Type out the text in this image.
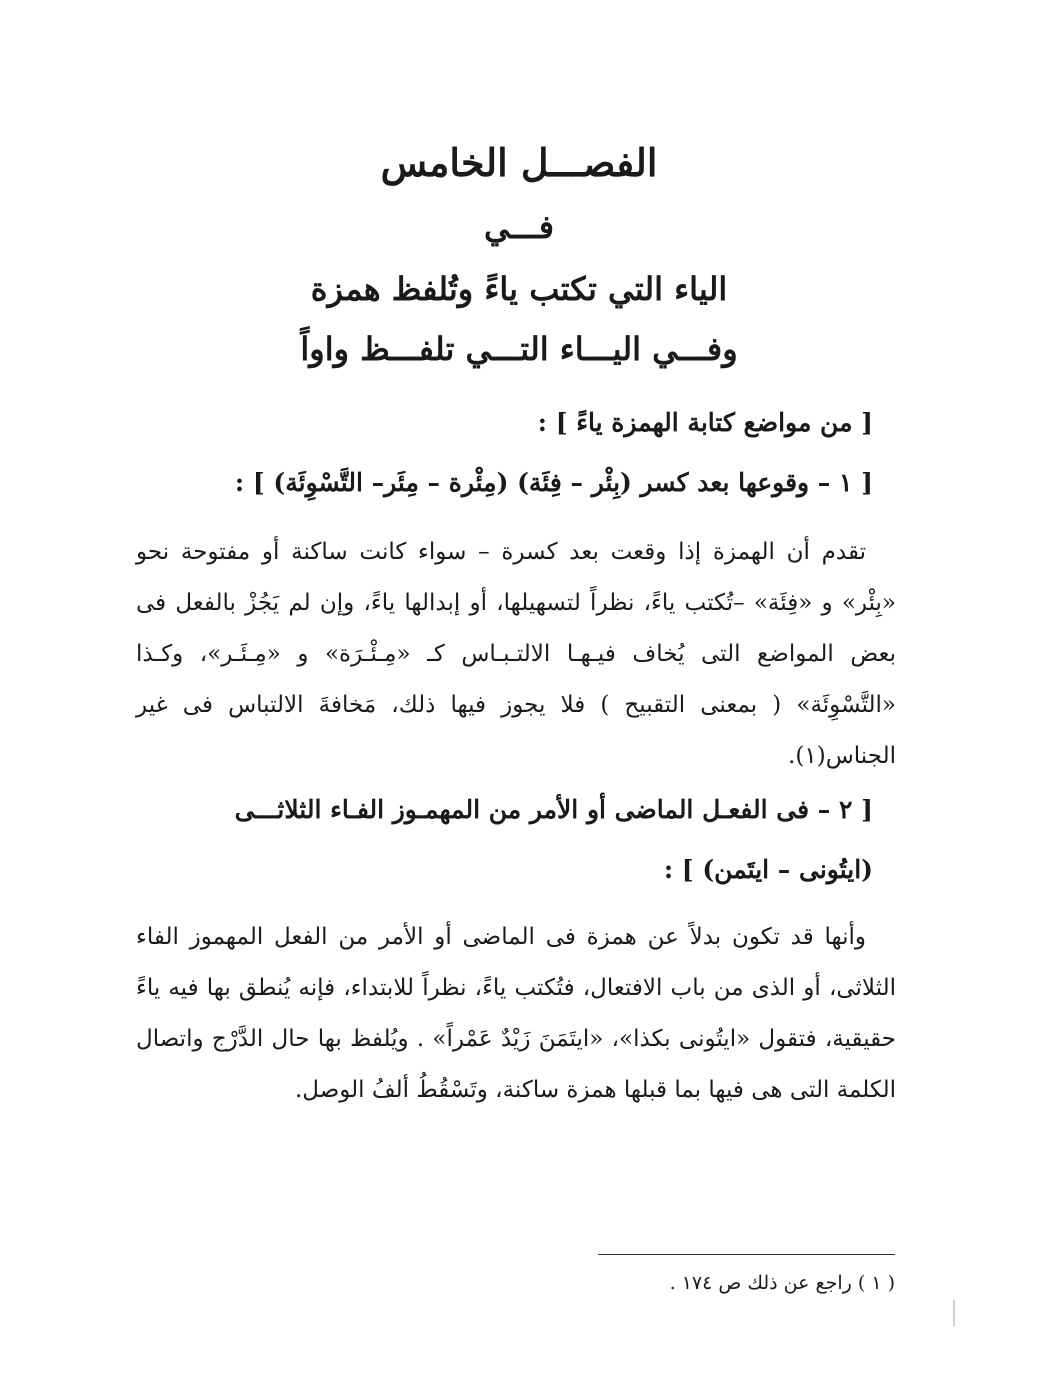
الفصـــل الخامس
فـــي
الياء التي تكتب ياءً وتُلفظ همزة
وفـــي اليـــاء التـــي تلفـــظ واواً
[ من مواضع كتابة الهمزة ياءً ] :
[ ١ – وقوعها بعد كسر (بِئْر – فِئَة) (مِئْرة – مِئَر– التَّسْوِئَة) ] :
تقدم أن الهمزة إذا وقعت بعد كسرة – سواء كانت ساكنة أو مفتوحة نحو «بِئْر» و «فِئَة» –تُكتب ياءً، نظراً لتسهيلها، أو إبدالها ياءً، وإن لم يَجُزْ بالفعل فى بعض المواضع التى يُخاف فيـهـا الالتـبـاس كـ «مِـئْـرَة» و «مِـئَـر»، وكـذا «التَّسْوِئَة» ( بمعنى التقبيح ) فلا يجوز فيها ذلك، مَخافةَ الالتباس فى غير الجناس(١).
[ ٢ – فى الفعـل الماضى أو الأمر من المهمـوز الفـاء الثلاثـــى
(ايتُونى – ايتَمن) ] :
وأنها قد تكون بدلاً عن همزة فى الماضى أو الأمر من الفعل المهموز الفاء الثلاثى، أو الذى من باب الافتعال، فتُكتب ياءً، نظراً للابتداء، فإنه يُنطق بها فيه ياءً حقيقية، فتقول «ايتُونى بكذا»، «ايتَمَنَ زَيْدٌ عَمْراً» . ويُلفظ بها حال الدَّرْج واتصال الكلمة التى هى فيها بما قبلها همزة ساكنة، وتَسْقُطُ ألفُ الوصل.
( ١ ) راجع عن ذلك ص ١٧٤ .
